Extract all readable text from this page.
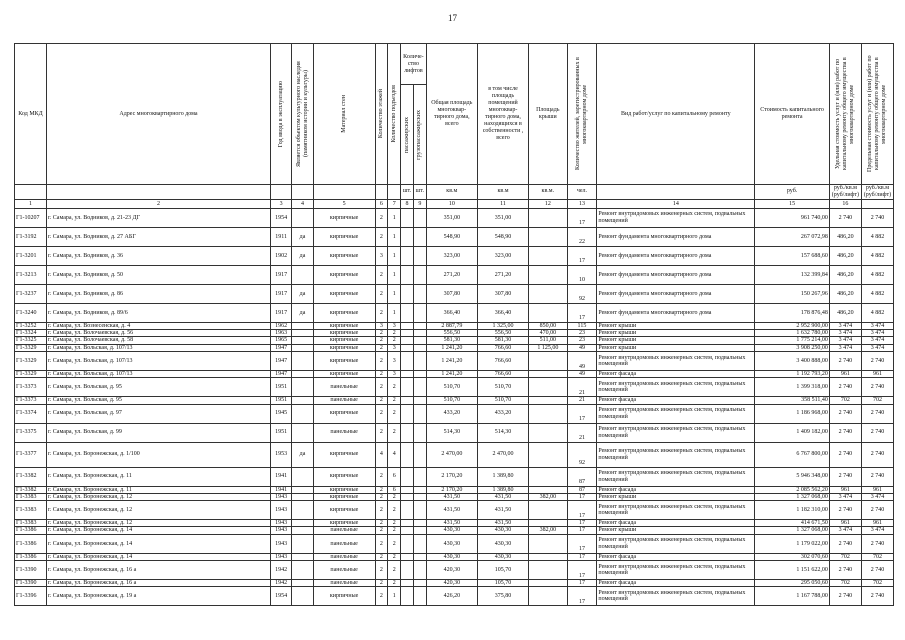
17
Код МКД	Адрес многоквартирного дома	Год ввода в эксплуатацию	Является объектом культурного наследия (памятником истории и культуры)	Материал стен	Количество этажей	Количество подъездов	Количе-ство лифтов		Общая площадь многоквар-тирного дома, всего	в том числе площадь помещений многоквар-тирного дома, находящихся в собственности , всего	Площадь крыши	Количество жителей, зарегистрированных в многоквартирном доме	Вид работ/услуг по капитальному ремонту	Стоимость капитального ремонта	Удельная стоимость услуг и (или) работ по капитальному ремонту общего имущества в многоквартирном доме	Предельная стоимость услуг и (или) работ по капитальному ремонту общего имущества в многоквартирном доме

							пассажирских	грузопассажирских								

							шт.	шт.	кв.м	кв.м	кв.м.	чел.		руб.	руб./кв.м (руб/лифт)	руб./кв.м (руб/лифт)
1	2	3	4	5	6	7	8	9	10	11	12	13	14	15	16	
Г1-10207	г. Самара, ул. Водников, д. 21-23 ДГ	1954		кирпичные	2	1			351,00	351,00		17	Ремонт внутридомовых инженерных систем, подвальных помещений	961 740,00	2 740	2 740
Г1-3192	г. Самара, ул. Водников, д. 27 АБГ	1911	да	кирпичные	2	1			548,90	548,90		22	Ремонт фундамента многоквартирного дома	267 072,98	486,20	4 882
Г1-3201	г. Самара, ул. Водников, д. 36	1902	да	кирпичные	3	1			323,00	323,00		17	Ремонт фундамента многоквартирного дома	157 688,60	486,20	4 882
Г1-3213	г. Самара, ул. Водников, д. 50	1917		кирпичные	2	1			271,20	271,20		10	Ремонт фундамента многоквартирного дома	132 399,84	486,20	4 882
Г1-3237	г. Самара, ул. Водников, д. 86	1917	да	кирпичные	2	1			307,80	307,80		92	Ремонт фундамента многоквартирного дома	150 267,96	486,20	4 882
Г1-3240	г. Самара, ул. Водников, д. 89/6	1917	да	кирпичные	2	1			366,40	366,40		17	Ремонт фундамента многоквартирного дома	178 876,48	486,20	4 882
Г1-3252	г. Самара, ул. Вознесенская, д. 4	1962		кирпичные	3	3			2 887,79	1 325,00	850,00	115	Ремонт крыши	2 952 900,00	3 474	3 474
Г1-3324	г. Самара, ул. Волочаевская, д. 56	1963		кирпичные	2	2			556,50	556,50	470,00	23	Ремонт крыши	1 632 780,00	3 474	3 474
Г1-3325	г. Самара, ул. Волочаевская, д. 58	1965		кирпичные	2	2			581,30	581,30	511,00	23	Ремонт крыши	1 775 214,00	3 474	3 474
Г1-3329	г. Самара, ул. Вольская, д. 107/13	1947		кирпичные	2	3			1 241,20	766,60	1 125,00	49	Ремонт крыши	3 908 250,00	3 474	3 474
Г1-3329	г. Самара, ул. Вольская, д. 107/13	1947		кирпичные	2	3			1 241,20	766,60		49	Ремонт внутридомовых инженерных систем, подвальных помещений	3 400 888,00	2 740	2 740
Г1-3329	г. Самара, ул. Вольская, д. 107/13	1947		кирпичные	2	3			1 241,20	766,60		49	Ремонт фасада	1 192 793,20	961	961
Г1-3373	г. Самара, ул. Вольская, д. 95	1951		панельные	2	2			510,70	510,70		21	Ремонт внутридомовых инженерных систем, подвальных помещений	1 399 318,00	2 740	2 740
Г1-3373	г. Самара, ул. Вольская, д. 95	1951		панельные	2	2			510,70	510,70		21	Ремонт фасада	358 511,40	702	702
Г1-3374	г. Самара, ул. Вольская, д. 97	1945		кирпичные	2	2			433,20	433,20		17	Ремонт внутридомовых инженерных систем, подвальных помещений	1 186 968,00	2 740	2 740
Г1-3375	г. Самара, ул. Вольская, д. 99	1951		панельные	2	2			514,30	514,30		21	Ремонт внутридомовых инженерных систем, подвальных помещений	1 409 182,00	2 740	2 740
Г1-3377	г. Самара, ул. Воронежская, д. 1/100	1953	да	кирпичные	4	4			2 470,00	2 470,00		92	Ремонт внутридомовых инженерных систем, подвальных помещений	6 767 800,00	2 740	2 740
Г1-3382	г. Самара, ул. Воронежская, д. 11	1941		кирпичные	2	6			2 170,20	1 389,80		87	Ремонт внутридомовых инженерных систем, подвальных помещений	5 946 348,00	2 740	2 740
Г1-3382	г. Самара, ул. Воронежская, д. 11	1941		кирпичные	2	6			2 170,20	1 389,80		87	Ремонт фасада	2 085 562,20	961	961
Г1-3383	г. Самара, ул. Воронежская, д. 12	1943		кирпичные	2	2			431,50	431,50	382,00	17	Ремонт крыши	1 327 068,00	3 474	3 474
Г1-3383	г. Самара, ул. Воронежская, д. 12	1943		кирпичные	2	2			431,50	431,50		17	Ремонт внутридомовых инженерных систем, подвальных помещений	1 182 310,00	2 740	2 740
Г1-3383	г. Самара, ул. Воронежская, д. 12	1943		кирпичные	2	2			431,50	431,50		17	Ремонт фасада	414 671,50	961	961
Г1-3386	г. Самара, ул. Воронежская, д. 14	1943		панельные	2	2			430,30	430,30	382,00	17	Ремонт крыши	1 327 068,00	3 474	3 474
Г1-3386	г. Самара, ул. Воронежская, д. 14	1943		панельные	2	2			430,30	430,30		17	Ремонт внутридомовых инженерных систем, подвальных помещений	1 179 022,00	2 740	2 740
Г1-3386	г. Самара, ул. Воронежская, д. 14	1943		панельные	2	2			430,30	430,30		17	Ремонт фасада	302 070,60	702	702
Г1-3390	г. Самара, ул. Воронежская, д. 16 а	1942		панельные	2	2			420,30	105,70		17	Ремонт внутридомовых инженерных систем, подвальных помещений	1 151 622,00	2 740	2 740
Г1-3390	г. Самара, ул. Воронежская, д. 16 а	1942		панельные	2	2			420,30	105,70		17	Ремонт фасада	295 050,60	702	702
Г1-3396	г. Самара, ул. Воронежская, д. 19 а	1954		кирпичные	2	1			426,20	375,80		17	Ремонт внутридомовых инженерных систем, подвальных помещений	1 167 788,00	2 740	2 740
